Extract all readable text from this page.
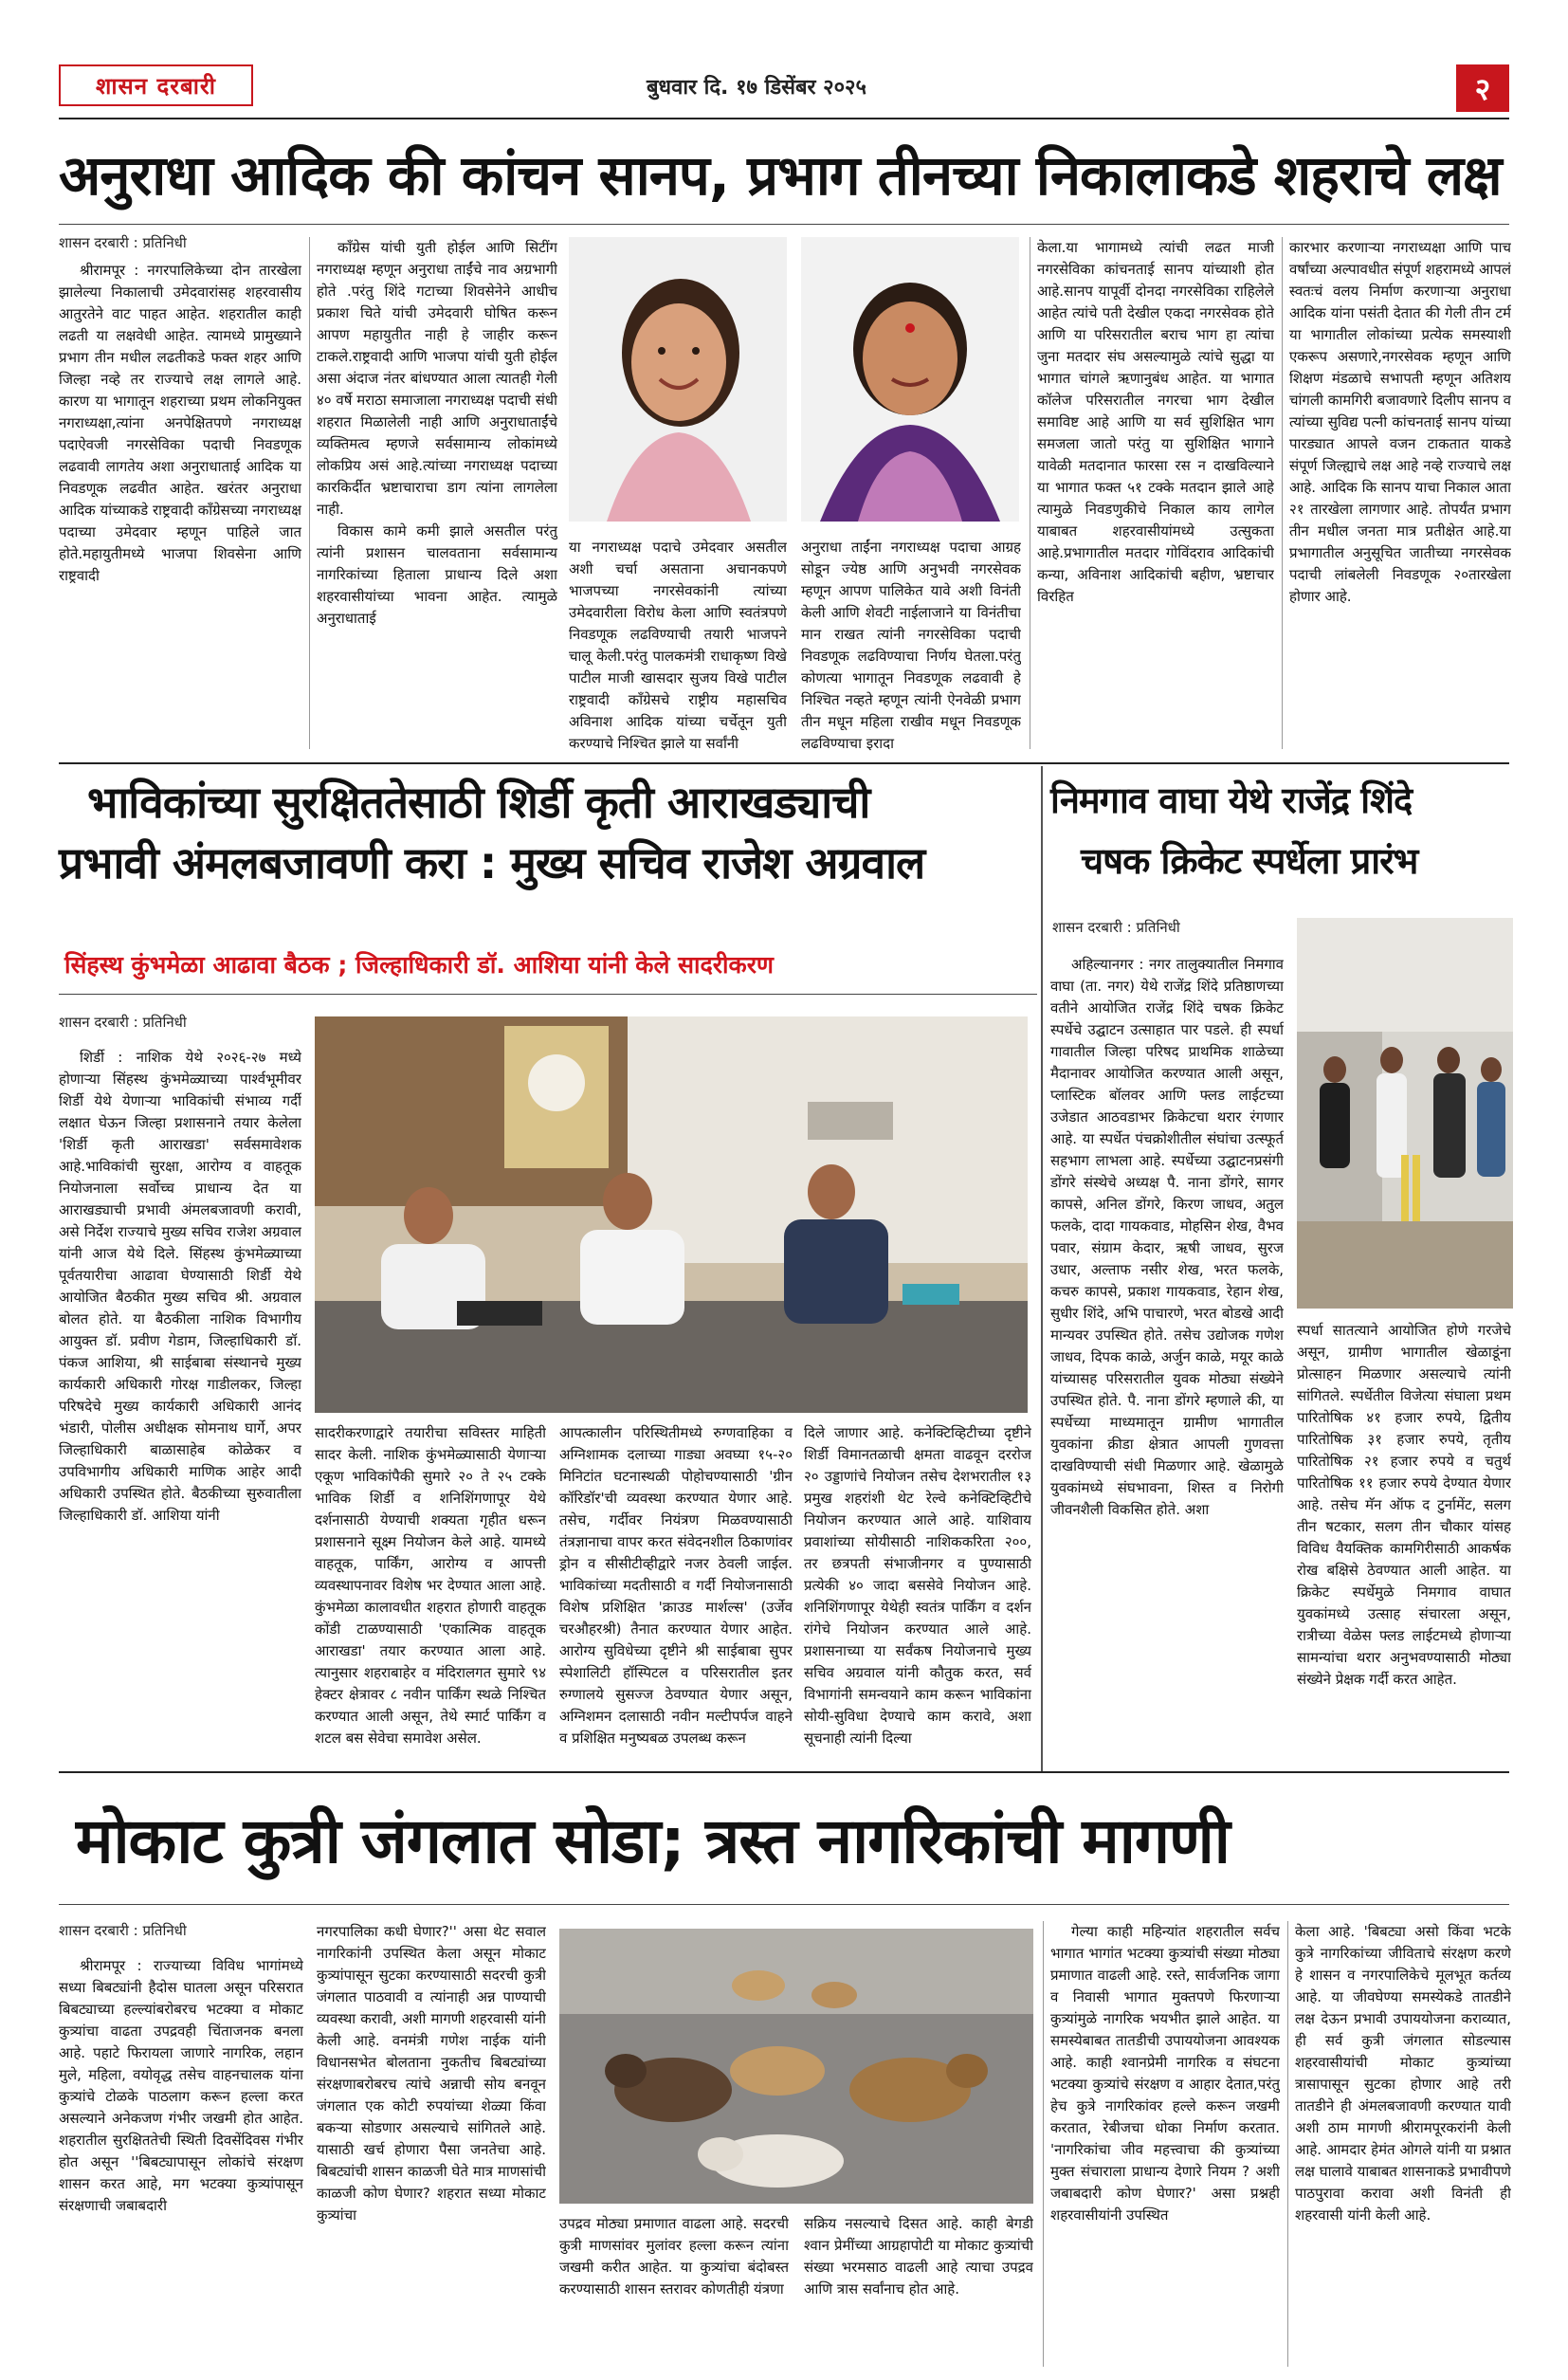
शासन दरबारी	बुधवार दि. १७ डिसेंबर २०२५	२
अनुराधा आदिक की कांचन सानप, प्रभाग तीनच्या निकालाकडे शहराचे लक्ष
शासन दरबारी : प्रतिनिधी

श्रीरामपूर : नगरपालिकेच्या दोन तारखेला झालेल्या निकालाची उमेदवारांसह शहरवासीय आतुरतेने वाट पाहत आहेत. शहरातील काही लढती या लक्षवेधी आहेत. त्यामध्ये प्रामुख्याने प्रभाग तीन मधील लढतीकडे फक्त शहर आणि जिल्हा नव्हे तर राज्याचे लक्ष लागले आहे. कारण या भागातून शहराच्या प्रथम लोकनियुक्त नगराध्यक्षा,त्यांना अनपेक्षितपणे नगराध्यक्ष पदाऐवजी नगरसेविका पदाची निवडणूक लढवावी लागतेय अशा अनुराधाताई आदिक या निवडणूक लढवीत आहेत. खरंतर अनुराधा आदिक यांच्याकडे राष्ट्रवादी काँग्रेसच्या नगराध्यक्ष पदाच्या उमेदवार म्हणून पाहिले जात होते.महायुतीमध्ये भाजपा शिवसेना आणि राष्ट्रवादी

काँग्रेस यांची युती होईल आणि सिटींग नगराध्यक्ष म्हणून अनुराधा ताईंचे नाव अग्रभागी होते .परंतु शिंदे गटाच्या शिवसेनेने आधीच प्रकाश चिते यांची उमेदवारी घोषित करून आपण महायुतीत नाही हे जाहीर करून टाकले.राष्ट्रवादी आणि भाजपा यांची युती होईल असा अंदाज नंतर बांधण्यात आला त्यातही गेली ४० वर्षे मराठा समाजाला नगराध्यक्ष पदाची संधी शहरात मिळालेली नाही आणि अनुराधाताईंचे व्यक्तिमत्व म्हणजे सर्वसामान्य लोकांमध्ये लोकप्रिय असं आहे.त्यांच्या नगराध्यक्ष पदाच्या कारकिर्दीत भ्रष्टाचाराचा डाग त्यांना लागलेला नाही.

विकास कामे कमी झाले असतील परंतु त्यांनी प्रशासन चालवताना सर्वसामान्य नागरिकांच्या हिताला प्राधान्य दिले अशा शहरवासीयांच्या भावना आहेत. त्यामुळे अनुराधाताई

या नगराध्यक्ष पदाचे उमेदवार असतील अशी चर्चा असताना अचानकपणे भाजपच्या नगरसेवकांनी त्यांच्या उमेदवारीला विरोध केला आणि स्वतंत्रपणे निवडणूक लढविण्याची तयारी भाजपने चालू केली.परंतु पालकमंत्री राधाकृष्ण विखे पाटील माजी खासदार सुजय विखे पाटील राष्ट्रवादी काँग्रेसचे राष्ट्रीय महासचिव अविनाश आदिक यांच्या चर्चेतून युती करण्याचे निश्चित झाले या सर्वांनी

अनुराधा ताईंना नगराध्यक्ष पदाचा आग्रह सोडून ज्येष्ठ आणि अनुभवी नगरसेवक म्हणून आपण पालिकेत यावे अशी विनंती केली आणि शेवटी नाईलाजाने या विनंतीचा मान राखत त्यांनी नगरसेविका पदाची निवडणूक लढविण्याचा निर्णय घेतला.परंतु कोणत्या भागातून निवडणूक लढवावी हे निश्चित नव्हते म्हणून त्यांनी ऐनवेळी प्रभाग तीन मधून महिला राखीव मधून निवडणूक लढविण्याचा इरादा

केला.या भागामध्ये त्यांची लढत माजी नगरसेविका कांचनताई सानप यांच्याशी होत आहे.सानप यापूर्वी दोनदा नगरसेविका राहिलेले आहेत त्यांचे पती देखील एकदा नगरसेवक होते आणि या परिसरातील बराच भाग हा त्यांचा जुना मतदार संघ असल्यामुळे त्यांचे सुद्धा या भागात चांगले ऋणानुबंध आहेत. या भागात कॉलेज परिसरातील नगरचा भाग देखील समाविष्ट आहे आणि या सर्व सुशिक्षित भाग समजला जातो परंतु या सुशिक्षित भागाने यावेळी मतदानात फारसा रस न दाखविल्याने या भागात फक्त ५१ टक्के मतदान झाले आहे त्यामुळे निवडणुकीचे निकाल काय लागेल याबाबत शहरवासीयांमध्ये उत्सुकता आहे.प्रभागातील मतदार गोविंदराव आदिकांची कन्या, अविनाश आदिकांची बहीण, भ्रष्टाचार विरहित

कारभार करणाऱ्या नगराध्यक्षा आणि पाच वर्षांच्या अल्पावधीत संपूर्ण शहरामध्ये आपलं स्वतःचं वलय निर्माण करणाऱ्या अनुराधा आदिक यांना पसंती देतात की गेली तीन टर्म या भागातील लोकांच्या प्रत्येक समस्याशी एकरूप असणारे,नगरसेवक म्हणून आणि शिक्षण मंडळाचे सभापती म्हणून अतिशय चांगली कामगिरी बजावणारे दिलीप सानप व त्यांच्या सुविद्य पत्नी कांचनताई सानप यांच्या पारड्यात आपले वजन टाकतात याकडे संपूर्ण जिल्ह्याचे लक्ष आहे नव्हे राज्याचे लक्ष आहे. आदिक कि सानप याचा निकाल आता २१ तारखेला लागणार आहे. तोपर्यंत प्रभाग तीन मधील जनता मात्र प्रतीक्षेत आहे.या प्रभागातील अनुसूचित जातीच्या नगरसेवक पदाची लांबलेली निवडणूक २०तारखेला होणार आहे.

भाविकांच्या सुरक्षिततेसाठी शिर्डी कृती आराखड्याची
प्रभावी अंमलबजावणी करा : मुख्य सचिव राजेश अग्रवाल
सिंहस्थ कुंभमेळा आढावा बैठक ; जिल्हाधिकारी डॉ. आशिया यांनी केले सादरीकरण
शासन दरबारी : प्रतिनिधी

शिर्डी : नाशिक येथे २०२६-२७ मध्ये होणाऱ्या सिंहस्थ कुंभमेळ्याच्या पार्श्वभूमीवर शिर्डी येथे येणाऱ्या भाविकांची संभाव्य गर्दी लक्षात घेऊन जिल्हा प्रशासनाने तयार केलेला 'शिर्डी कृती आराखडा' सर्वसमावेशक आहे.भाविकांची सुरक्षा, आरोग्य व वाहतूक नियोजनाला सर्वोच्च प्राधान्य देत या आराखड्याची प्रभावी अंमलबजावणी करावी, असे निर्देश राज्याचे मुख्य सचिव राजेश अग्रवाल यांनी आज येथे दिले. सिंहस्थ कुंभमेळ्याच्या पूर्वतयारीचा आढावा घेण्यासाठी शिर्डी येथे आयोजित बैठकीत मुख्य सचिव श्री. अग्रवाल बोलत होते. या बैठकीला नाशिक विभागीय आयुक्त डॉ. प्रवीण गेडाम, जिल्हाधिकारी डॉ. पंकज आशिया, श्री साईबाबा संस्थानचे मुख्य कार्यकारी अधिकारी गोरक्ष गाडीलकर, जिल्हा परिषदेचे मुख्य कार्यकारी अधिकारी आनंद भंडारी, पोलीस अधीक्षक सोमनाथ घार्गे, अपर जिल्हाधिकारी बाळासाहेब कोळेकर व उपविभागीय अधिकारी माणिक आहेर आदी अधिकारी उपस्थित होते. बैठकीच्या सुरुवातीला जिल्हाधिकारी डॉ. आशिया यांनी

सादरीकरणाद्वारे तयारीचा सविस्तर माहिती सादर केली. नाशिक कुंभमेळ्यासाठी येणाऱ्या एकूण भाविकांपैकी सुमारे २० ते २५ टक्के भाविक शिर्डी व शनिशिंगणापूर येथे दर्शनासाठी येण्याची शक्यता गृहीत धरून प्रशासनाने सूक्ष्म नियोजन केले आहे. यामध्ये वाहतूक, पार्किंग, आरोग्य व आपत्ती व्यवस्थापनावर विशेष भर देण्यात आला आहे. कुंभमेळा कालावधीत शहरात होणारी वाहतूक कोंडी टाळण्यासाठी 'एकात्मिक वाहतूक आराखडा' तयार करण्यात आला आहे. त्यानुसार शहराबाहेर व मंदिरालगत सुमारे ९४ हेक्टर क्षेत्रावर ८ नवीन पार्किंग स्थळे निश्चित करण्यात आली असून, तेथे स्मार्ट पार्किंग व शटल बस सेवेचा समावेश असेल.

आपत्कालीन परिस्थितीमध्ये रुग्णवाहिका व अग्निशामक दलाच्या गाड्या अवघ्या १५-२० मिनिटांत घटनास्थळी पोहोचण्यासाठी 'ग्रीन कॉरिडॉर'ची व्यवस्था करण्यात येणार आहे. तसेच, गर्दीवर नियंत्रण मिळवण्यासाठी तंत्रज्ञानाचा वापर करत संवेदनशील ठिकाणांवर ड्रोन व सीसीटीव्हीद्वारे नजर ठेवली जाईल. भाविकांच्या मदतीसाठी व गर्दी नियोजनासाठी विशेष प्रशिक्षित 'क्राउड मार्शल्स' (उर्जेव चरऔहरश्री) तैनात करण्यात येणार आहेत. आरोग्य सुविधेच्या दृष्टीने श्री साईबाबा सुपर स्पेशालिटी हॉस्पिटल व परिसरातील इतर रुग्णालये सुसज्ज ठेवण्यात येणार असून, अग्निशमन दलासाठी नवीन मल्टीपर्पज वाहने व प्रशिक्षित मनुष्यबळ उपलब्ध करून

दिले जाणार आहे. कनेक्टिव्हिटीच्या दृष्टीने शिर्डी विमानतळाची क्षमता वाढवून दररोज २० उड्डाणांचे नियोजन तसेच देशभरातील १३ प्रमुख शहरांशी थेट रेल्वे कनेक्टिव्हिटीचे नियोजन करण्यात आले आहे. याशिवाय प्रवाशांच्या सोयीसाठी नाशिककरिता २००, तर छत्रपती संभाजीनगर व पुण्यासाठी प्रत्येकी ४० जादा बससेवे नियोजन आहे. शनिशिंगणापूर येथेही स्वतंत्र पार्किंग व दर्शन रांगेचे नियोजन करण्यात आले आहे. प्रशासनाच्या या सर्वंकष नियोजनाचे मुख्य सचिव अग्रवाल यांनी कौतुक करत, सर्व विभागांनी समन्वयाने काम करून भाविकांना सोयी-सुविधा देण्याचे काम करावे, अशा सूचनाही त्यांनी दिल्या

निमगाव वाघा येथे राजेंद्र शिंदे
चषक क्रिकेट स्पर्धेला प्रारंभ
शासन दरबारी : प्रतिनिधी

अहिल्यानगर : नगर तालुक्यातील निमगाव वाघा (ता. नगर) येथे राजेंद्र शिंदे प्रतिष्ठाणच्या वतीने आयोजित राजेंद्र शिंदे चषक क्रिकेट स्पर्धेचे उद्घाटन उत्साहात पार पडले. ही स्पर्धा गावातील जिल्हा परिषद प्राथमिक शाळेच्या मैदानावर आयोजित करण्यात आली असून, प्लास्टिक बॉलवर आणि फ्लड लाईटच्या उजेडात आठवडाभर क्रिकेटचा थरार रंगणार आहे. या स्पर्धेत पंचक्रोशीतील संघांचा उत्स्फूर्त सहभाग लाभला आहे. स्पर्धेच्या उद्घाटनप्रसंगी डोंगरे संस्थेचे अध्यक्ष पै. नाना डोंगरे, सागर कापसे, अनिल डोंगरे, किरण जाधव, अतुल फलके, दादा गायकवाड, मोहसिन शेख, वैभव पवार, संग्राम केदार, ऋषी जाधव, सुरज उधार, अल्ताफ नसीर शेख, भरत फलके, कचरु कापसे, प्रकाश गायकवाड, रेहान शेख, सुधीर शिंदे, अभि पाचारणे, भरत बोडखे आदी मान्यवर उपस्थित होते. तसेच उद्योजक गणेश जाधव, दिपक काळे, अर्जुन काळे, मयूर काळे यांच्यासह परिसरातील युवक मोठ्या संख्येने उपस्थित होते. पै. नाना डोंगरे म्हणाले की, या स्पर्धेच्या माध्यमातून ग्रामीण भागातील युवकांना क्रीडा क्षेत्रात आपली गुणवत्ता दाखविण्याची संधी मिळणार आहे. खेळामुळे युवकांमध्ये संघभावना, शिस्त व निरोगी जीवनशैली विकसित होते. अशा

स्पर्धा सातत्याने आयोजित होणे गरजेचे असून, ग्रामीण भागातील खेळाडूंना प्रोत्साहन मिळणार असल्याचे त्यांनी सांगितले. स्पर्धेतील विजेत्या संघाला प्रथम पारितोषिक ४१ हजार रुपये, द्वितीय पारितोषिक ३१ हजार रुपये, तृतीय पारितोषिक २१ हजार रुपये व चतुर्थ पारितोषिक ११ हजार रुपये देण्यात येणार आहे. तसेच मॅन ऑफ द टुर्नामेंट, सलग तीन षटकार, सलग तीन चौकार यांसह विविध वैयक्तिक कामगिरीसाठी आकर्षक रोख बक्षिसे ठेवण्यात आली आहेत. या क्रिकेट स्पर्धेमुळे निमगाव वाघात युवकांमध्ये उत्साह संचारला असून, रात्रीच्या वेळेस फ्लड लाईटमध्ये होणाऱ्या सामन्यांचा थरार अनुभवण्यासाठी मोठ्या संख्येने प्रेक्षक गर्दी करत आहेत.

मोकाट कुत्री जंगलात सोडा; त्रस्त नागरिकांची मागणी
शासन दरबारी : प्रतिनिधी

श्रीरामपूर : राज्याच्या विविध भागांमध्ये सध्या बिबट्यांनी हैदोस घातला असून परिसरात बिबट्याच्या हल्ल्यांबरोबरच भटक्या व मोकाट कुत्र्यांचा वाढता उपद्रवही चिंताजनक बनला आहे. पहाटे फिरायला जाणारे नागरिक, लहान मुले, महिला, वयोवृद्ध तसेच वाहनचालक यांना कुत्र्यांचे टोळके पाठलाग करून हल्ला करत असल्याने अनेकजण गंभीर जखमी होत आहेत. शहरातील सुरक्षिततेची स्थिती दिवसेंदिवस गंभीर होत असून ''बिबट्यापासून लोकांचे संरक्षण शासन करत आहे, मग भटक्या कुत्र्यांपासून संरक्षणाची जबाबदारी

नगरपालिका कधी घेणार?'' असा थेट सवाल नागरिकांनी उपस्थित केला असून मोकाट कुत्र्यांपासून सुटका करण्यासाठी सदरची कुत्री जंगलात पाठवावी व त्यांनाही अन्न पाण्याची व्यवस्था करावी, अशी मागणी शहरवासी यांनी केली आहे. वनमंत्री गणेश नाईक यांनी विधानसभेत बोलताना नुकतीच बिबट्यांच्या संरक्षणाबरोबरच त्यांचे अन्नाची सोय बनवून जंगलात एक कोटी रुपयांच्या शेळ्या किंवा बकऱ्या सोडणार असल्याचे सांगितले आहे. यासाठी खर्च होणारा पैसा जनतेचा आहे. बिबट्यांची शासन काळजी घेते मात्र माणसांची काळजी कोण घेणार? शहरात सध्या मोकाट कुत्र्यांचा	उपद्रव मोठ्या प्रमाणात वाढला आहे. सदरची कुत्री माणसांवर मुलांवर हल्ला करून त्यांना जखमी करीत आहेत. या कुत्र्यांचा बंदोबस्त करण्यासाठी शासन स्तरावर कोणतीही यंत्रणा

सक्रिय नसल्याचे दिसत आहे. काही बेगडी श्वान प्रेमींच्या आग्रहापोटी या मोकाट कुत्र्यांची संख्या भरमसाठ वाढली आहे त्याचा उपद्रव आणि त्रास सर्वांनाच होत आहे.

गेल्या काही महिन्यांत शहरातील सर्वच भागात भागांत भटक्या कुत्र्यांची संख्या मोठ्या प्रमाणात वाढली आहे. रस्ते, सार्वजनिक जागा व निवासी भागात मुक्तपणे फिरणाऱ्या कुत्र्यांमुळे नागरिक भयभीत झाले आहेत. या समस्येबाबत तातडीची उपाययोजना आवश्यक आहे. काही श्वानप्रेमी नागरिक व संघटना भटक्या कुत्र्यांचे संरक्षण व आहार देतात,परंतु हेच कुत्रे नागरिकांवर हल्ले करून जखमी करतात, रेबीजचा धोका निर्माण करतात. 'नागरिकांचा जीव महत्त्वाचा की कुत्र्यांच्या मुक्त संचाराला प्राधान्य देणारे नियम ? अशी जबाबदारी कोण घेणार?' असा प्रश्नही शहरवासीयांनी उपस्थित

केला आहे. 'बिबट्या असो किंवा भटके कुत्रे नागरिकांच्या जीविताचे संरक्षण करणे हे शासन व नगरपालिकेचे मूलभूत कर्तव्य आहे. या जीवघेण्या समस्येकडे तातडीने लक्ष देऊन प्रभावी उपाययोजना कराव्यात, ही सर्व कुत्री जंगलात सोडल्यास शहरवासीयांची मोकाट कुत्र्यांच्या त्रासापासून सुटका होणार आहे तरी तातडीने ही अंमलबजावणी करण्यात यावी अशी ठाम मागणी श्रीरामपूरकरांनी केली आहे. आमदार हेमंत ओगले यांनी या प्रश्नात लक्ष घालावे याबाबत शासनाकडे प्रभावीपणे पाठपुरावा करावा अशी विनंती ही शहरवासी यांनी केली आहे.
